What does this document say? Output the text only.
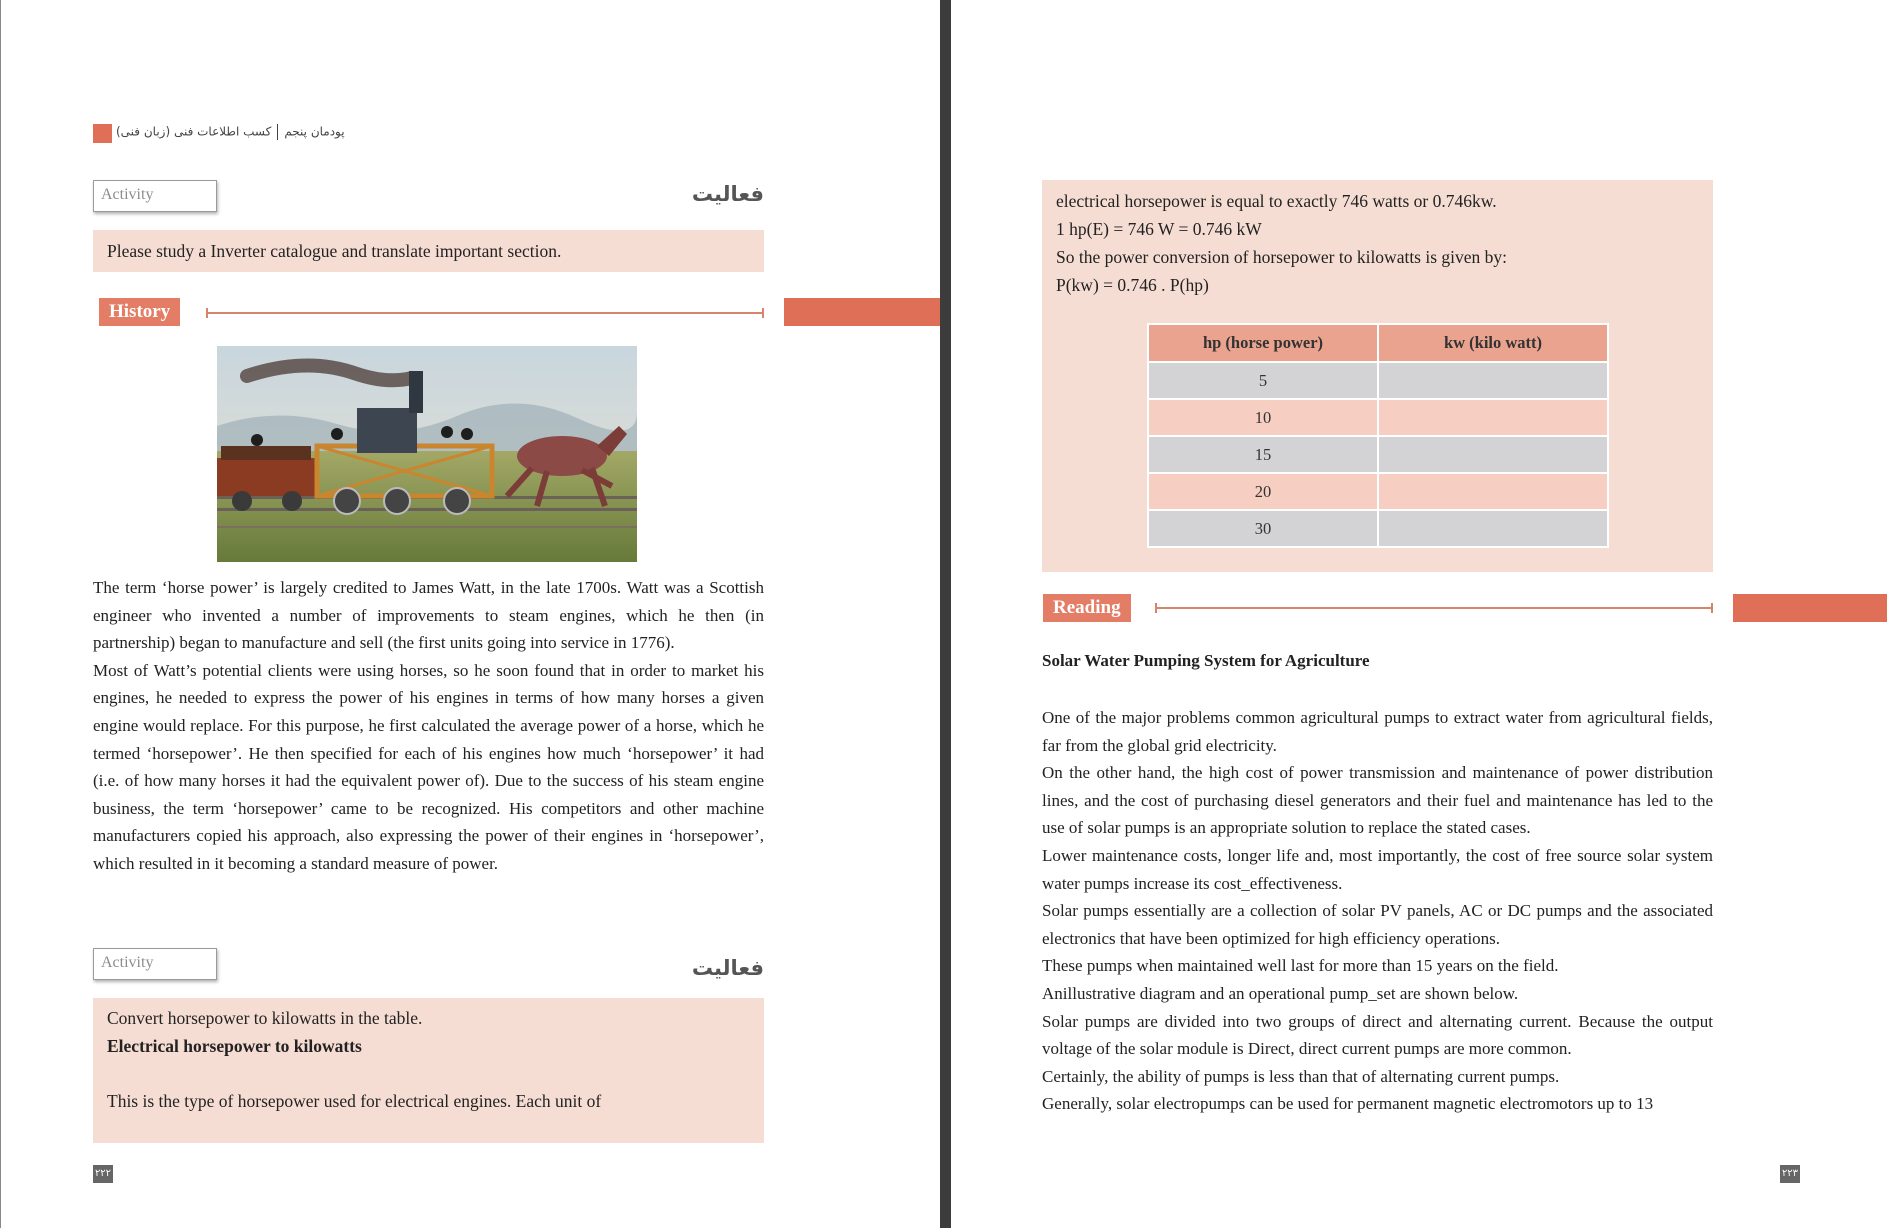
پودمان پنجمکسب اطلاعات فنی (زبان فنی)
Activity	فعالیت
Please study a Inverter catalogue and translate important section.
History

The term ‘horse power’ is largely credited to James Watt, in the late 1700s. Watt was a Scottish engineer who invented a number of improvements to steam engines, which he then (in partnership) began to manufacture and sell (the first units going into service in 1776).

Most of Watt’s potential clients were using horses, so he soon found that in order to market his engines, he needed to express the power of his engines in terms of how many horses a given engine would replace. For this purpose, he first calculated the average power of a horse, which he termed ‘horsepower’. He then specified for each of his engines how much ‘horsepower’ it had (i.e. of how many horses it had the equivalent power of). Due to the success of his steam engine business, the term ‘horsepower’ came to be recognized. His competitors and other machine manufacturers copied his approach, also expressing the power of their engines in ‘horsepower’, which resulted in it becoming a standard measure of power.

Activity	فعالیت
Convert horsepower to kilowatts in the table.
Electrical horsepower to kilowatts
This is the type of horsepower used for electrical engines. Each unit of
۲۲۲
electrical horsepower is equal to exactly 746 watts or 0.746kw.
1 hp(E) = 746 W = 0.746 kW
So the power conversion of horsepower to kilowatts is given by:
P(kw) = 0.746 . P(hp)
hp (horse power)	kw (kilo watt)
5	
10	
15	
20	
30	
Reading
Solar Water Pumping System for Agriculture

One of the major problems common agricultural pumps to extract water from agricultural fields, far from the global grid electricity.

On the other hand, the high cost of power transmission and maintenance of power distribution lines, and the cost of purchasing diesel generators and their fuel and maintenance has led to the use of solar pumps is an appropriate solution to replace the stated cases.

Lower maintenance costs, longer life and, most importantly, the cost of free source solar system water pumps increase its cost_effectiveness.

Solar pumps essentially are a collection of solar PV panels, AC or DC pumps and the associated electronics that have been optimized for high efficiency operations.

These pumps when maintained well last for more than 15 years on the field.

Anillustrative diagram and an operational pump_set are shown below.

Solar pumps are divided into two groups of direct and alternating current. Because the output voltage of the solar module is Direct, direct current pumps are more common.

Certainly, the ability of pumps is less than that of alternating current pumps.

Generally, solar electropumps can be used for permanent magnetic electromotors up to 13

۲۲۳
